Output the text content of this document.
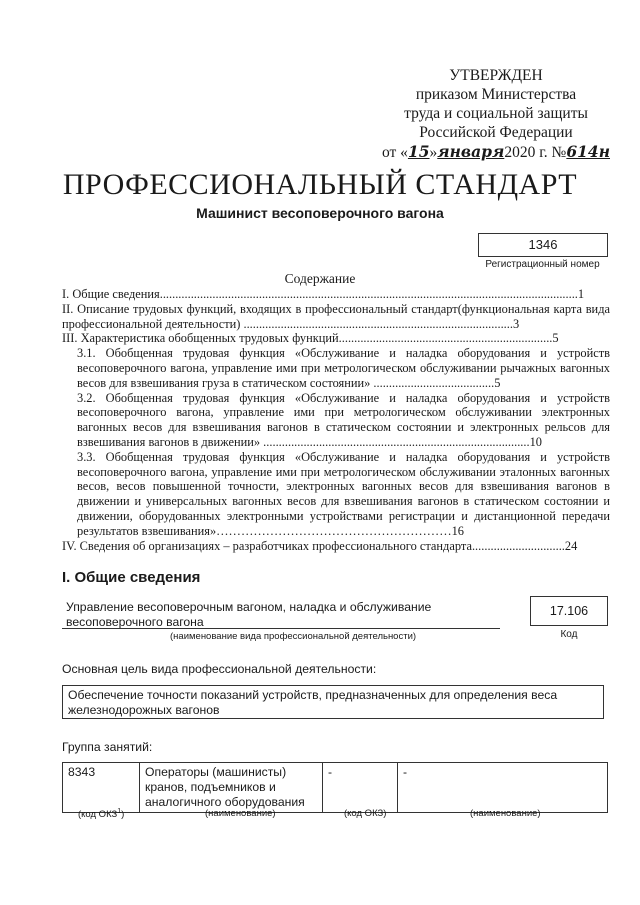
УТВЕРЖДЕН
приказом Министерства
труда и социальной защиты
Российской Федерации
от «15»января2020 г. №614н
ПРОФЕССИОНАЛЬНЫЙ СТАНДАРТ
Машинист весоповерочного вагона
1346
Регистрационный номер
Содержание
I. Общие сведения.......................................................................................................................................1
II. Описание трудовых функций, входящих в профессиональный стандарт(функциональная карта вида профессиональной деятельности) .......................................................................................3
III. Характеристика обобщенных трудовых функций.....................................................................5
3.1. Обобщенная трудовая функция «Обслуживание и наладка оборудования и устройств весоповерочного вагона, управление ими при метрологическом обслуживании рычажных вагонных весов для взвешивания груза в статическом состоянии» .......................................5
3.2. Обобщенная трудовая функция «Обслуживание и наладка оборудования и устройств весоповерочного вагона, управление ими при метрологическом обслуживании электронных вагонных весов для взвешивания вагонов в статическом состоянии и электронных рельсов для взвешивания вагонов в движении» ......................................................................................10
3.3. Обобщенная трудовая функция «Обслуживание и наладка оборудования и устройств весоповерочного вагона, управление ими при метрологическом обслуживании эталонных вагонных весов, весов повышенной точности, электронных вагонных весов для взвешивания вагонов в движении и универсальных вагонных весов для взвешивания вагонов в статическом состоянии и движении, оборудованных электронными устройствами регистрации и дистанционной передачи результатов взвешивания»…………………………………………………16
IV. Сведения об организациях – разработчиках профессионального стандарта..............................24
I. Общие сведения
Управление весоповерочным вагоном, наладка и обслуживание весоповерочного вагона
(наименование вида профессиональной деятельности)
17.106
Код
Основная цель вида профессиональной деятельности:
Обеспечение точности показаний устройств, предназначенных для определения веса железнодорожных вагонов
Группа занятий:
8343	Операторы (машинисты) кранов, подъемников и аналогичного оборудования	-	-
(код ОКЗ$^1$)	(наименование)	(код ОКЗ)	(наименование)
